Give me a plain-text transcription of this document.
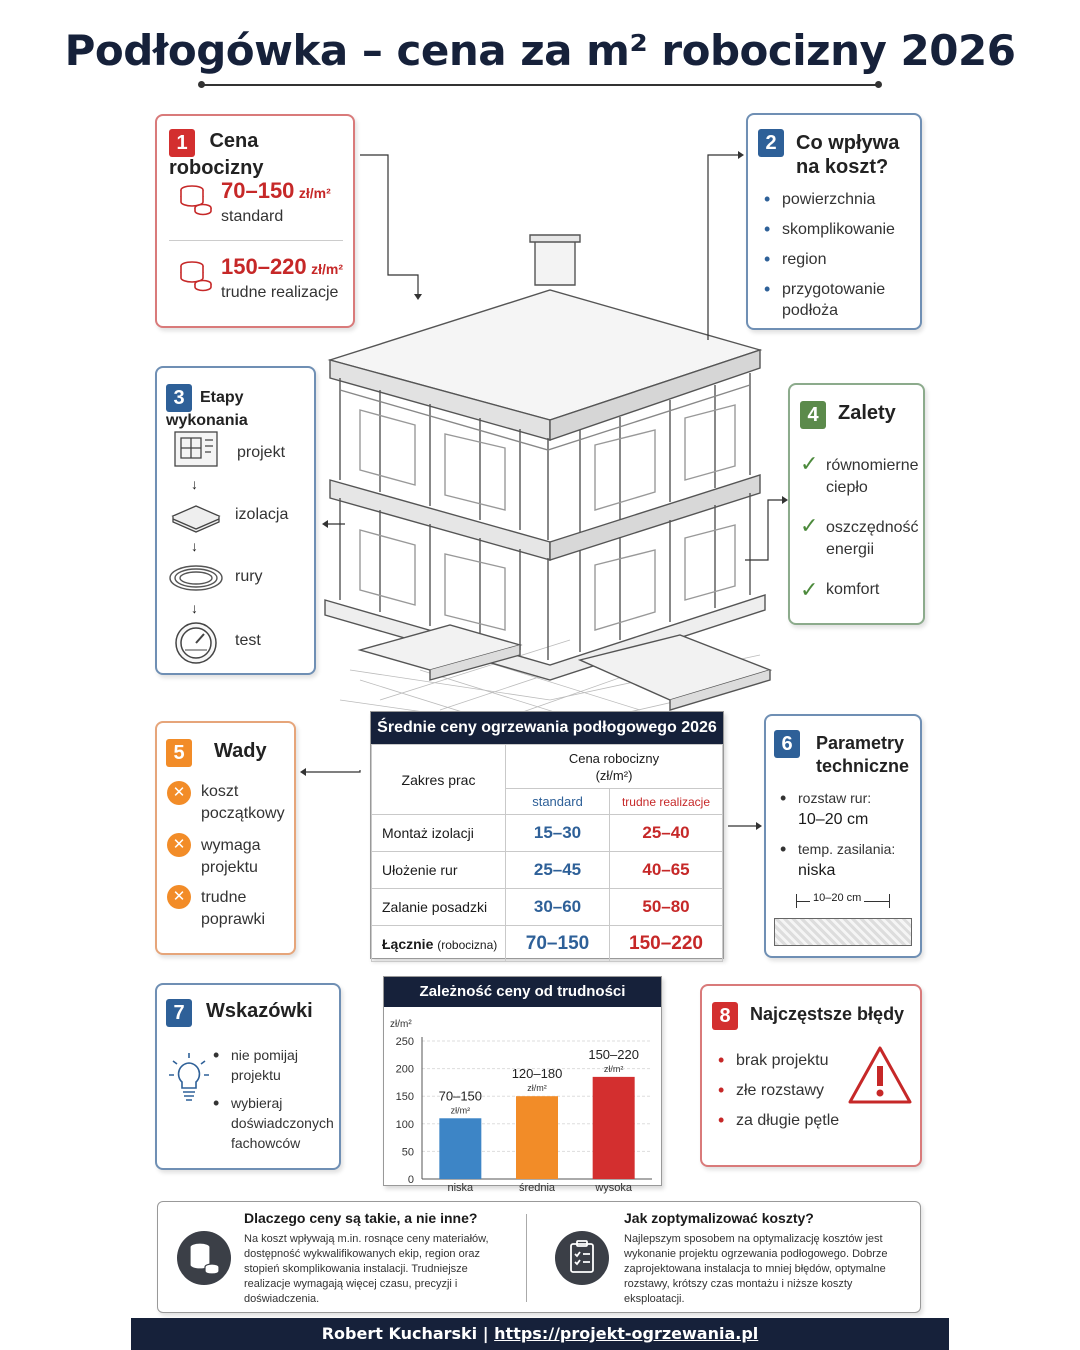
Podłogówka – cena za m² robocizny 2026
1 Cena robocizny
70–150 zł/m²
standard
150–220 zł/m²
trudne realizacje
2 Co wpływa
na koszt?
• powierzchnia
• skomplikowanie
• region
• przygotowanie podłoża
3 Etapy wykonania
projekt
↓
izolacja
↓
rury
↓
test
4 Zalety
✓ równomierne ciepło
✓ oszczędność energii
✓ komfort
5 Wady
✕ koszt początkowy
✕ wymaga projektu
✕ trudne poprawki
Średnie ceny ogrzewania podłogowego 2026
Zakres prac	Cena robocizny
(zł/m²)	

	standard	trudne realizacje
Montaż izolacji	15–30	25–40
Ułożenie rur	25–45	40–65
Zalanie posadzki	30–60	50–80
Łącznie (robocizna)	70–150	150–220
6	Parametry
techniczne
• rozstaw rur:
10–20 cm
• temp. zasilania:
niska
10–20 cm
7 Wskazówki
• nie pomijaj projektu
• wybieraj doświadczonych fachowców
Zależność ceny od trudności
zł/m²
0
50
100
150
200
250
70–150
zł/m²
niska
120–180
zł/m²
średnia
150–220
zł/m²
wysoka
8 Najczęstsze błędy
• brak projektu
• złe rozstawy
• za długie pętle
Dlaczego ceny są takie, a nie inne?
Na koszt wpływają m.in. rosnące ceny materiałów, dostępność wykwalifikowanych ekip, region oraz stopień skomplikowania instalacji. Trudniejsze realizacje wymagają więcej czasu, precyzji i doświadczenia.
Jak zoptymalizować koszty?
Najlepszym sposobem na optymalizację kosztów jest wykonanie projektu ogrzewania podłogowego. Dobrze zaprojektowana instalacja to mniej błędów, optymalne rozstawy, krótszy czas montażu i niższe koszty eksploatacji.
Robert Kucharski | https://projekt-ogrzewania.pl
